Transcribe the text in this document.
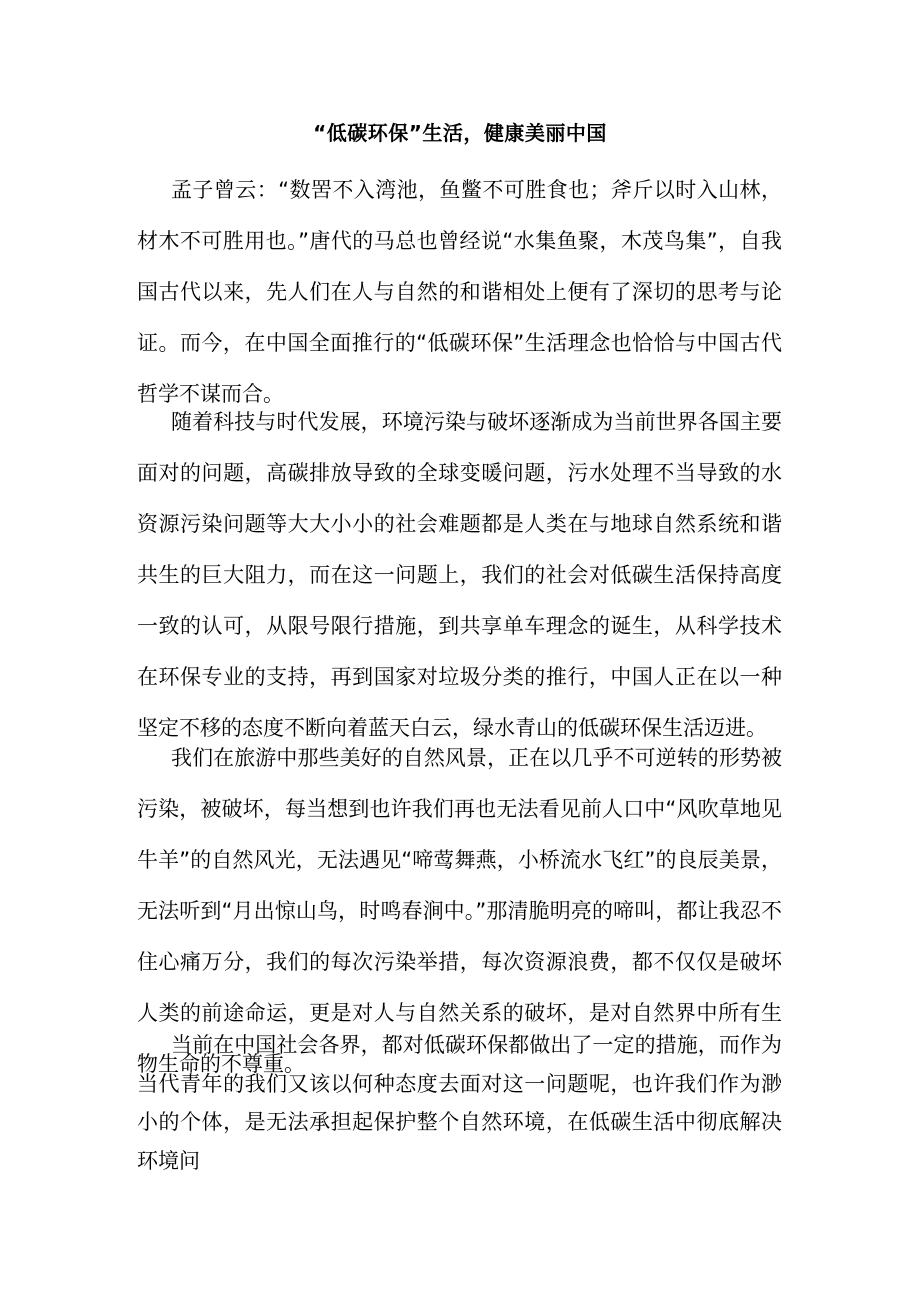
“低碳环保”生活，健康美丽中国

孟子曾云：“数罟不入湾池，鱼鳖不可胜食也；斧斤以时入山林，材木不可胜用也。”唐代的马总也曾经说“水集鱼聚，木茂鸟集”，自我国古代以来，先人们在人与自然的和谐相处上便有了深切的思考与论证。而今，在中国全面推行的“低碳环保”生活理念也恰恰与中国古代哲学不谋而合。

随着科技与时代发展，环境污染与破坏逐渐成为当前世界各国主要面对的问题，高碳排放导致的全球变暖问题，污水处理不当导致的水资源污染问题等大大小小的社会难题都是人类在与地球自然系统和谐共生的巨大阻力，而在这一问题上，我们的社会对低碳生活保持高度一致的认可，从限号限行措施，到共享单车理念的诞生，从科学技术在环保专业的支持，再到国家对垃圾分类的推行，中国人正在以一种坚定不移的态度不断向着蓝天白云，绿水青山的低碳环保生活迈进。

我们在旅游中那些美好的自然风景，正在以几乎不可逆转的形势被污染，被破坏，每当想到也许我们再也无法看见前人口中“风吹草地见牛羊”的自然风光，无法遇见“啼莺舞燕，小桥流水飞红”的良辰美景，无法听到“月出惊山鸟，时鸣春涧中。”那清脆明亮的啼叫，都让我忍不住心痛万分，我们的每次污染举措，每次资源浪费，都不仅仅是破坏人类的前途命运，更是对人与自然关系的破坏，是对自然界中所有生物生命的不尊重。

当前在中国社会各界，都对低碳环保都做出了一定的措施，而作为当代青年的我们又该以何种态度去面对这一问题呢，也许我们作为渺小的个体，是无法承担起保护整个自然环境，在低碳生活中彻底解决环境问
